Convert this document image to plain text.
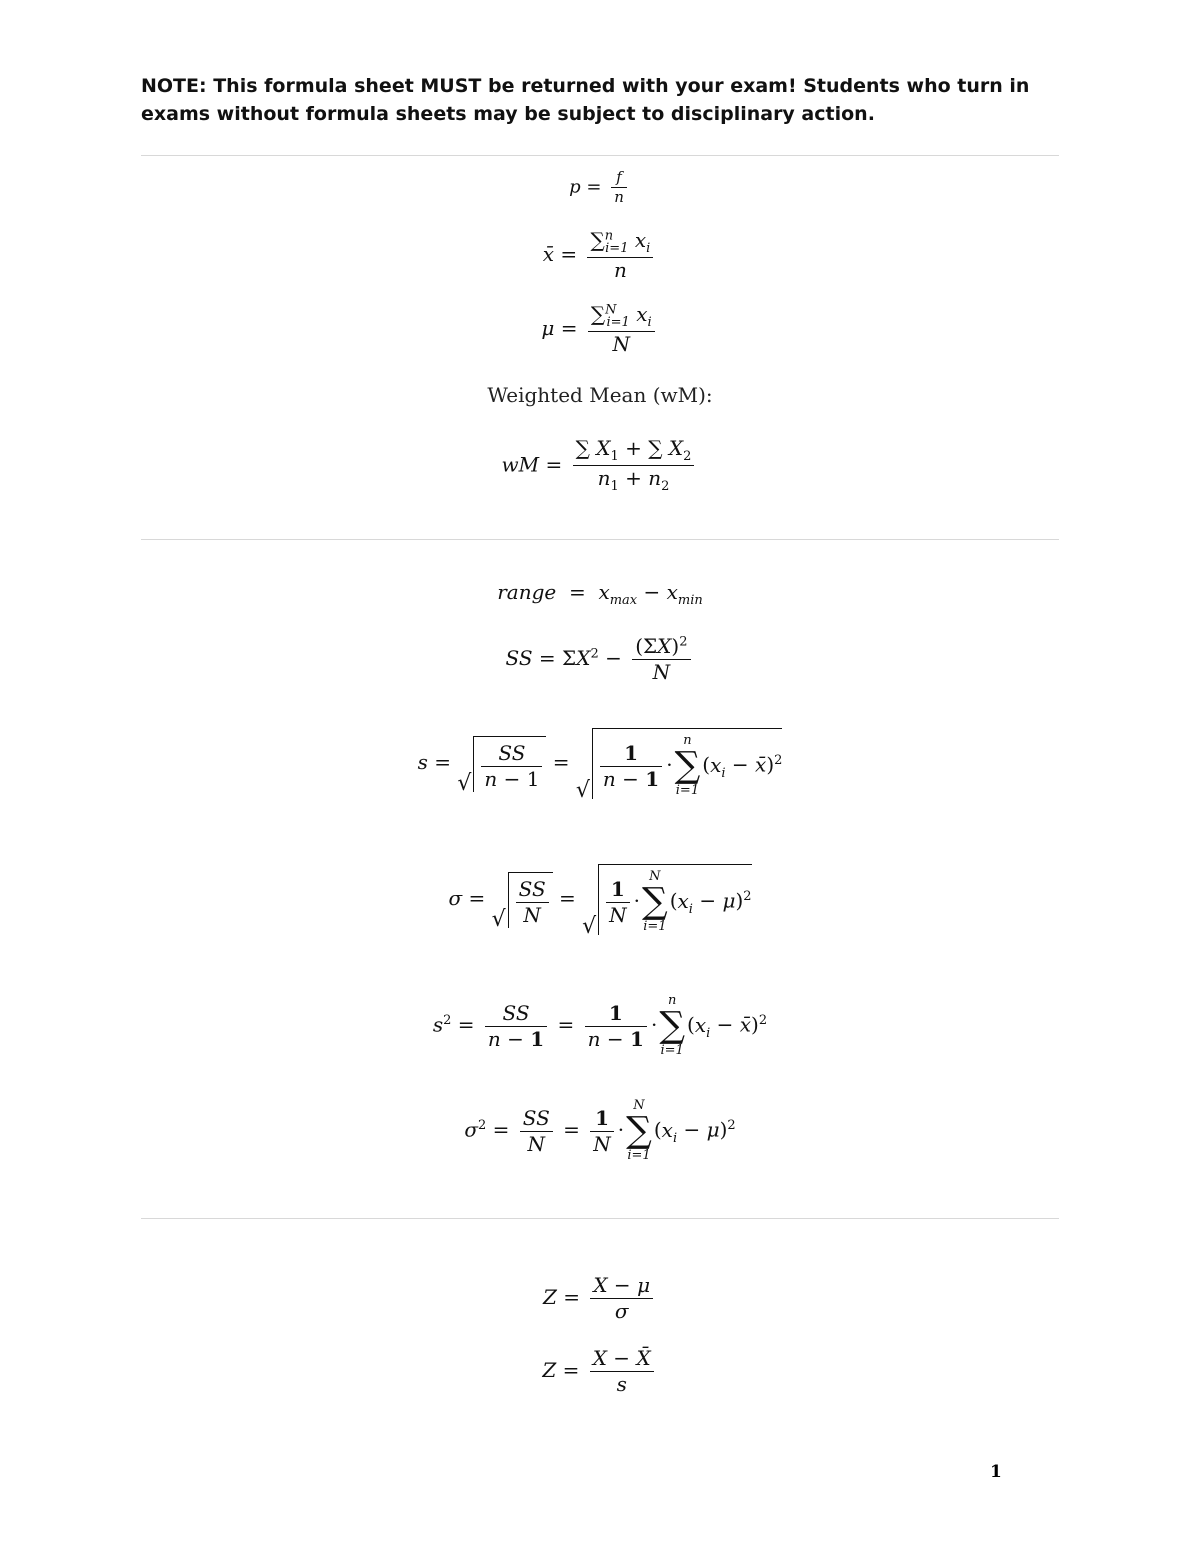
NOTE: This formula sheet MUST be returned with your exam! Students who turn in
exams without formula sheets may be subject to disciplinary action.
$p = \frac{f}{n}$
x̄ = $\frac{\sum^n_{i=1} x_i}{n}$
$\mu = \frac{\sum^N_{i=1} x_i}{N}$
Weighted Mean (wM):
wM = $\frac{\sum X_1 + \sum X_2}{n_1 + n_2}$
range  =  $x_{max} - x_{min}$
SS = $\Sigma X^2 - \frac{(\Sigma X)^2}{N}$
s =
√ $\frac{SS}{n - 1}$ =
√ $\frac{1}{n - 1}$ ·
n
∑
i=1
($x_i$ − x̄)$^2$
σ =
√ $\frac{SS}{N}$ =
√ $\frac{1}{N}$ ·
N
∑
i=1
$(x_i - \mu)^2$
$s^2 = \frac{SS}{n - 1} = \frac{1}{n - 1}$ ·
n
∑
i=1
($x_i$ − x̄)$^2$
$\sigma^2 = \frac{SS}{N} = \frac{1}{N}$ ·
N
∑
i=1
$(x_i - \mu)^2$
$Z = \frac{X - \mu}{\sigma}$
$Z = \frac{X - X̄}{s}$
1
